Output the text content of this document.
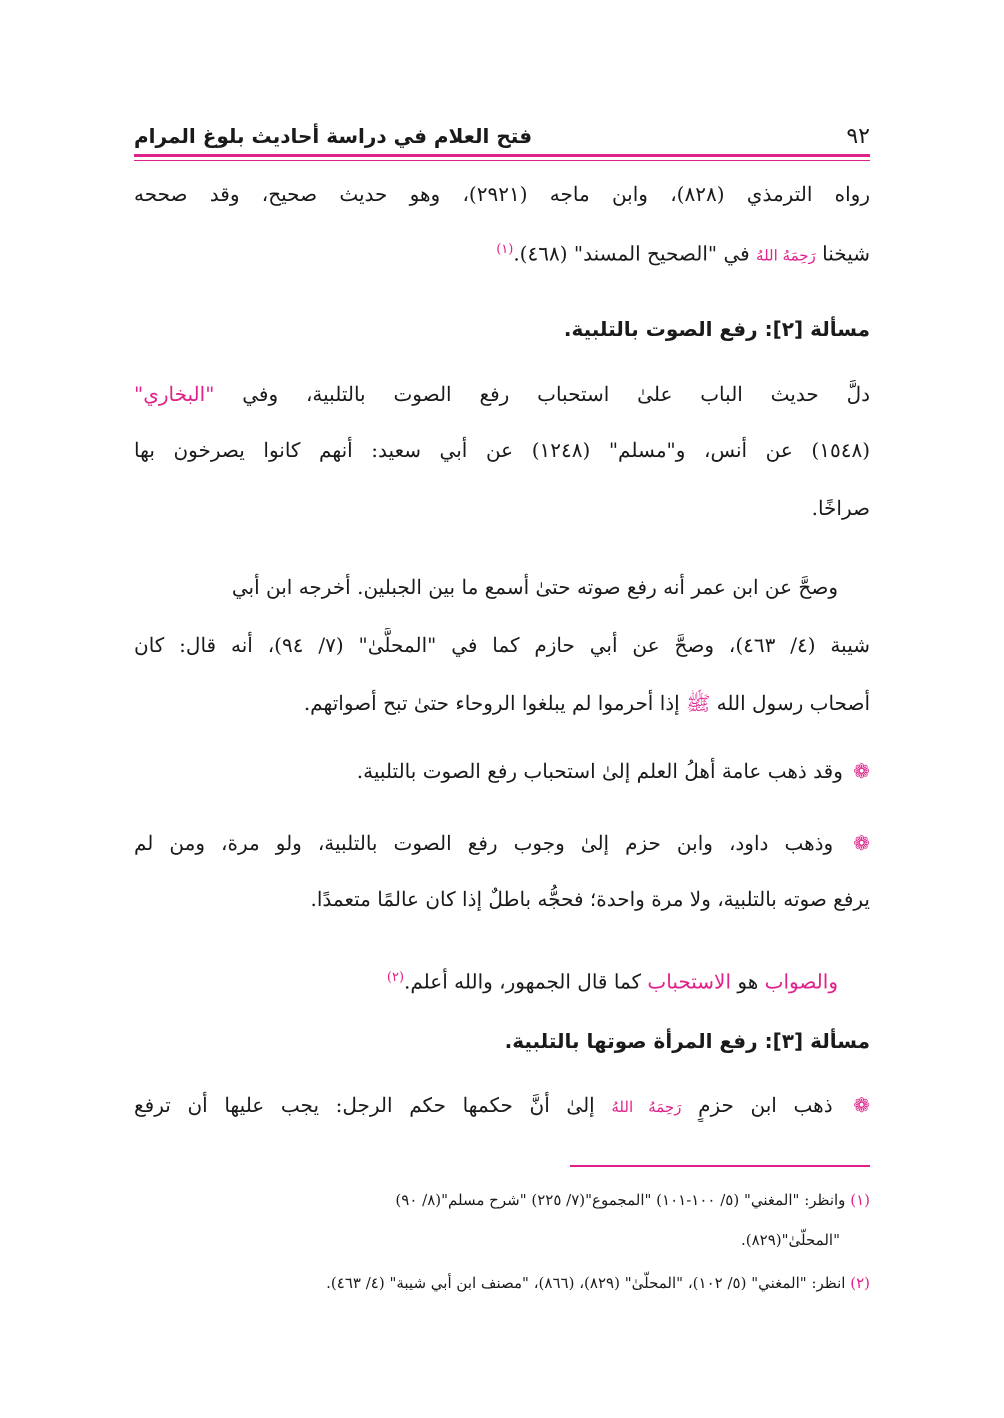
٩٢
فتح العلام في دراسة أحاديث بلوغ المرام
رواه الترمذي (٨٢٨)، وابن ماجه (٢٩٢١)، وهو حديث صحيح، وقد صححه
شيخنا رَحِمَهُ اللهُ في "الصحيح المسند" (٤٦٨).$^{(١)}$
مسألة [٢]: رفع الصوت بالتلبية.
دلَّ حديث الباب علىٰ استحباب رفع الصوت بالتلبية، وفي "البخاري"
(١٥٤٨) عن أنس، و"مسلم" (١٢٤٨) عن أبي سعيد: أنهم كانوا يصرخون بها
صراخًا.
وصحَّ عن ابن عمر أنه رفع صوته حتىٰ أسمع ما بين الجبلين. أخرجه ابن أبي
شيبة (٤/ ٤٦٣)، وصحَّ عن أبي حازم كما في "المحلَّىٰ" (٧/ ٩٤)، أنه قال: كان
أصحاب رسول الله ﷺ إذا أحرموا لم يبلغوا الروحاء حتىٰ تبح أصواتهم.
❁ وقد ذهب عامة أهلُ العلم إلىٰ استحباب رفع الصوت بالتلبية.
❁ وذهب داود، وابن حزم إلىٰ وجوب رفع الصوت بالتلبية، ولو مرة، ومن لم
يرفع صوته بالتلبية، ولا مرة واحدة؛ فحجُّه باطلٌ إذا كان عالمًا متعمدًا.
والصواب هو الاستحباب كما قال الجمهور، والله أعلم.$^{(٢)}$
مسألة [٣]: رفع المرأة صوتها بالتلبية.
❁ ذهب ابن حزمٍ رَحِمَهُ اللهُ إلىٰ أنَّ حكمها حكم الرجل: يجب عليها أن ترفع
(١) وانظر: "المغني" (٥/ ١٠٠-١٠١) "المجموع"(٧/ ٢٢٥) "شرح مسلم"(٨/ ٩٠)
"المحلَّىٰ"(٨٢٩).
(٢) انظر: "المغني" (٥/ ١٠٢)، "المحلَّىٰ" (٨٢٩)، (٨٦٦)، "مصنف ابن أبي شيبة" (٤/ ٤٦٣).
